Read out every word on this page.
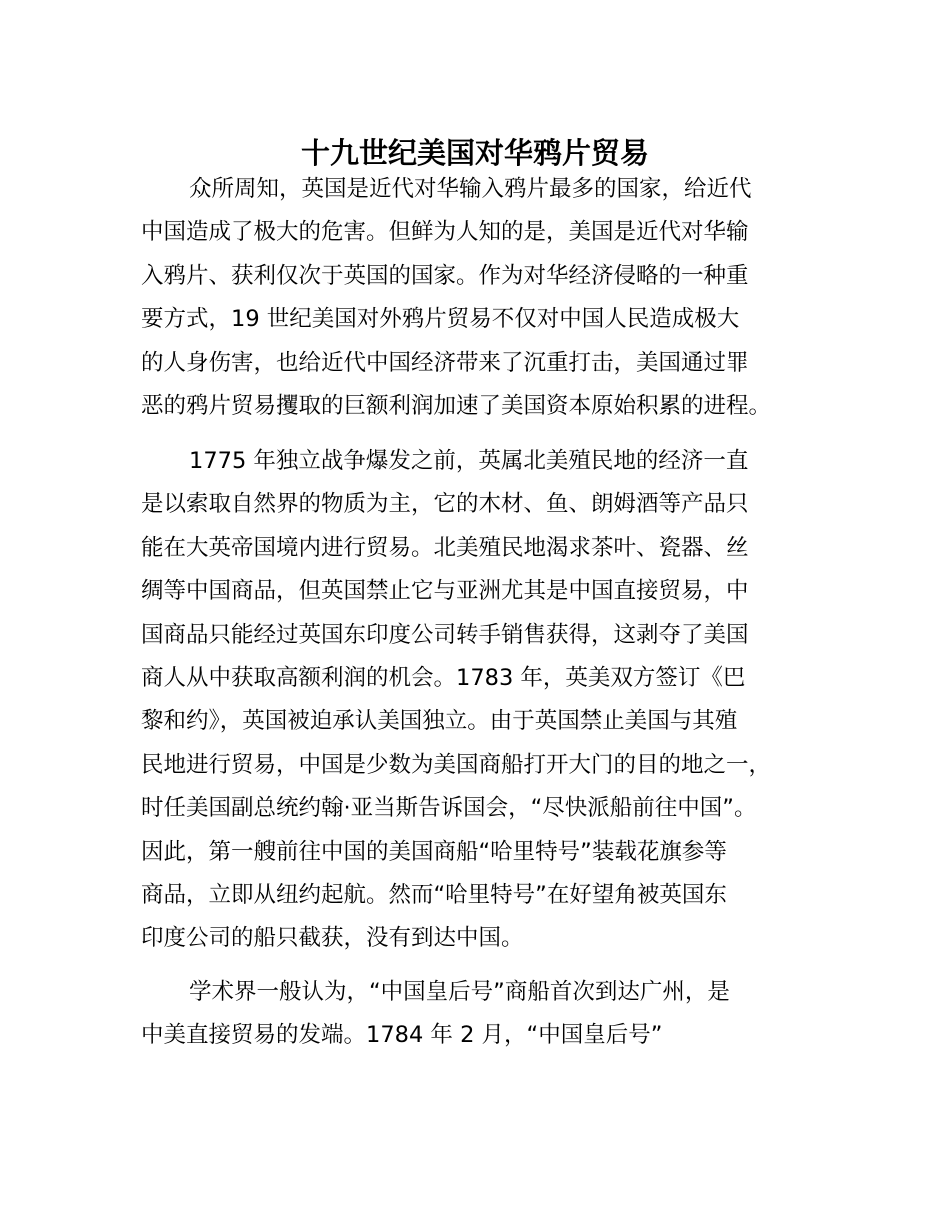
十九世纪美国对华鸦片贸易
众所周知，英国是近代对华输入鸦片最多的国家，给近代
中国造成了极大的危害。但鲜为人知的是，美国是近代对华输
入鸦片、获利仅次于英国的国家。作为对华经济侵略的一种重
要方式，19 世纪美国对外鸦片贸易不仅对中国人民造成极大
的人身伤害，也给近代中国经济带来了沉重打击，美国通过罪
恶的鸦片贸易攫取的巨额利润加速了美国资本原始积累的进程。
1775 年独立战争爆发之前，英属北美殖民地的经济一直
是以索取自然界的物质为主，它的木材、鱼、朗姆酒等产品只
能在大英帝国境内进行贸易。北美殖民地渴求茶叶、瓷器、丝
绸等中国商品，但英国禁止它与亚洲尤其是中国直接贸易，中
国商品只能经过英国东印度公司转手销售获得，这剥夺了美国
商人从中获取高额利润的机会。1783 年，英美双方签订《巴
黎和约》，英国被迫承认美国独立。由于英国禁止美国与其殖
民地进行贸易，中国是少数为美国商船打开大门的目的地之一，
时任美国副总统约翰·亚当斯告诉国会，“尽快派船前往中国”。
因此，第一艘前往中国的美国商船“哈里特号”装载花旗参等
商品，立即从纽约起航。然而“哈里特号”在好望角被英国东
印度公司的船只截获，没有到达中国。
学术界一般认为，“中国皇后号”商船首次到达广州，是
中美直接贸易的发端。1784 年 2 月，“中国皇后号”
